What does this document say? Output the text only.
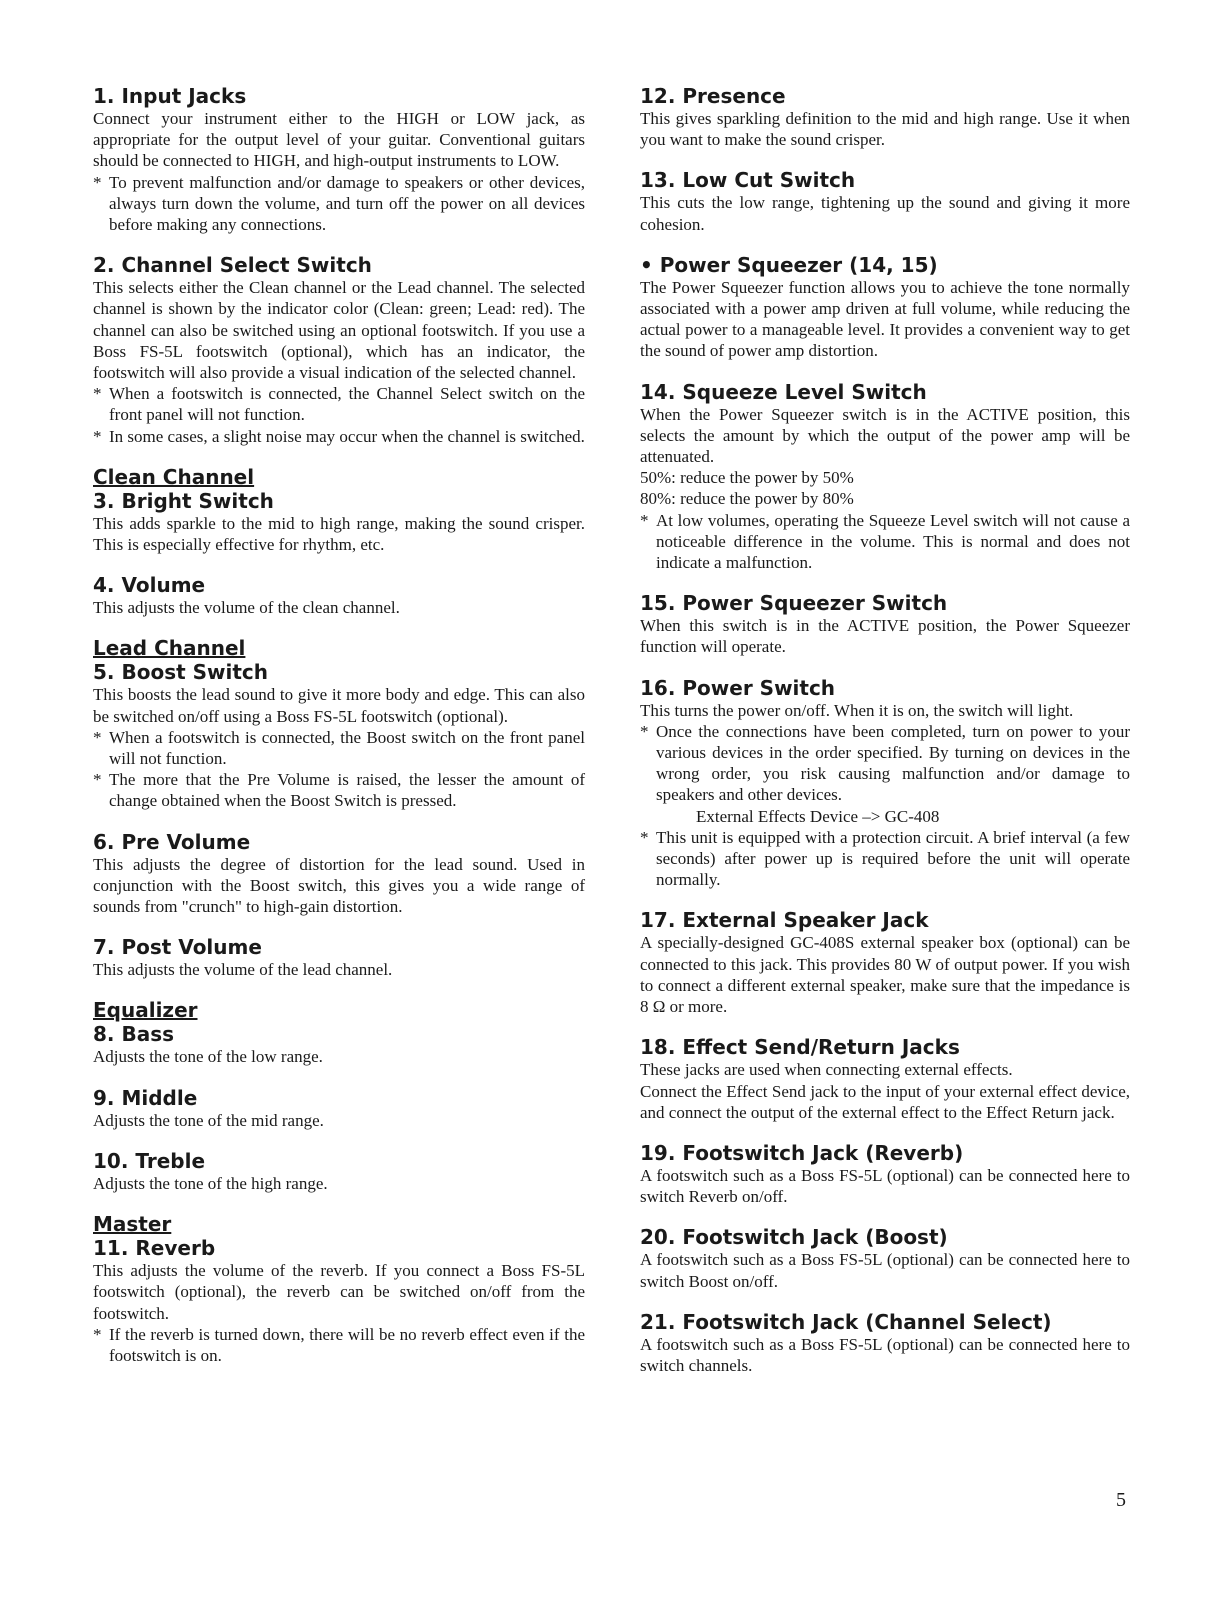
1. Input Jacks

Connect your instrument either to the HIGH or LOW jack, as appropriate for the output level of your guitar. Conventional guitars should be connected to HIGH, and high-output instruments to LOW.

* To prevent malfunction and/or damage to speakers or other devices, always turn down the volume, and turn off the power on all devices before making any connections.
2. Channel Select Switch

This selects either the Clean channel or the Lead channel. The selected channel is shown by the indicator color (Clean: green; Lead: red). The channel can also be switched using an optional footswitch. If you use a Boss FS-5L footswitch (optional), which has an indicator, the footswitch will also provide a visual indication of the selected channel.

* When a footswitch is connected, the Channel Select switch on the front panel will not function.
* In some cases, a slight noise may occur when the channel is switched.
Clean Channel
3. Bright Switch

This adds sparkle to the mid to high range, making the sound crisper. This is especially effective for rhythm, etc.

4. Volume

This adjusts the volume of the clean channel.

Lead Channel
5. Boost Switch

This boosts the lead sound to give it more body and edge. This can also be switched on/off using a Boss FS-5L footswitch (optional).

* When a footswitch is connected, the Boost switch on the front panel will not function.
* The more that the Pre Volume is raised, the lesser the amount of change obtained when the Boost Switch is pressed.
6. Pre Volume

This adjusts the degree of distortion for the lead sound. Used in conjunction with the Boost switch, this gives you a wide range of sounds from "crunch" to high-gain distortion.

7. Post Volume

This adjusts the volume of the lead channel.

Equalizer
8. Bass

Adjusts the tone of the low range.

9. Middle

Adjusts the tone of the mid range.

10. Treble

Adjusts the tone of the high range.

Master
11. Reverb

This adjusts the volume of the reverb. If you connect a Boss FS-5L footswitch (optional), the reverb can be switched on/off from the footswitch.

* If the reverb is turned down, there will be no reverb effect even if the footswitch is on.
12. Presence

This gives sparkling definition to the mid and high range. Use it when you want to make the sound crisper.

13. Low Cut Switch

This cuts the low range, tightening up the sound and giving it more cohesion.

• Power Squeezer (14, 15)

The Power Squeezer function allows you to achieve the tone normally associated with a power amp driven at full volume, while reducing the actual power to a manageable level. It provides a convenient way to get the sound of power amp distortion.

14. Squeeze Level Switch

When the Power Squeezer switch is in the ACTIVE position, this selects the amount by which the output of the power amp will be attenuated.

50%: reduce the power by 50%

80%: reduce the power by 80%

* At low volumes, operating the Squeeze Level switch will not cause a noticeable difference in the volume. This is normal and does not indicate a malfunction.
15. Power Squeezer Switch

When this switch is in the ACTIVE position, the Power Squeezer function will operate.

16. Power Switch

This turns the power on/off. When it is on, the switch will light.

* Once the connections have been completed, turn on power to your various devices in the order specified. By turning on devices in the wrong order, you risk causing malfunction and/or damage to speakers and other devices.
External Effects Device –> GC-408
* This unit is equipped with a protection circuit. A brief interval (a few seconds) after power up is required before the unit will operate normally.
17. External Speaker Jack

A specially-designed GC-408S external speaker box (optional) can be connected to this jack. This provides 80 W of output power. If you wish to connect a different external speaker, make sure that the impedance is 8 Ω or more.

18. Effect Send/Return Jacks

These jacks are used when connecting external effects.

Connect the Effect Send jack to the input of your external effect device, and connect the output of the external effect to the Effect Return jack.

19. Footswitch Jack (Reverb)

A footswitch such as a Boss FS-5L (optional) can be connected here to switch Reverb on/off.

20. Footswitch Jack (Boost)

A footswitch such as a Boss FS-5L (optional) can be connected here to switch Boost on/off.

21. Footswitch Jack (Channel Select)

A footswitch such as a Boss FS-5L (optional) can be connected here to switch channels.

5
